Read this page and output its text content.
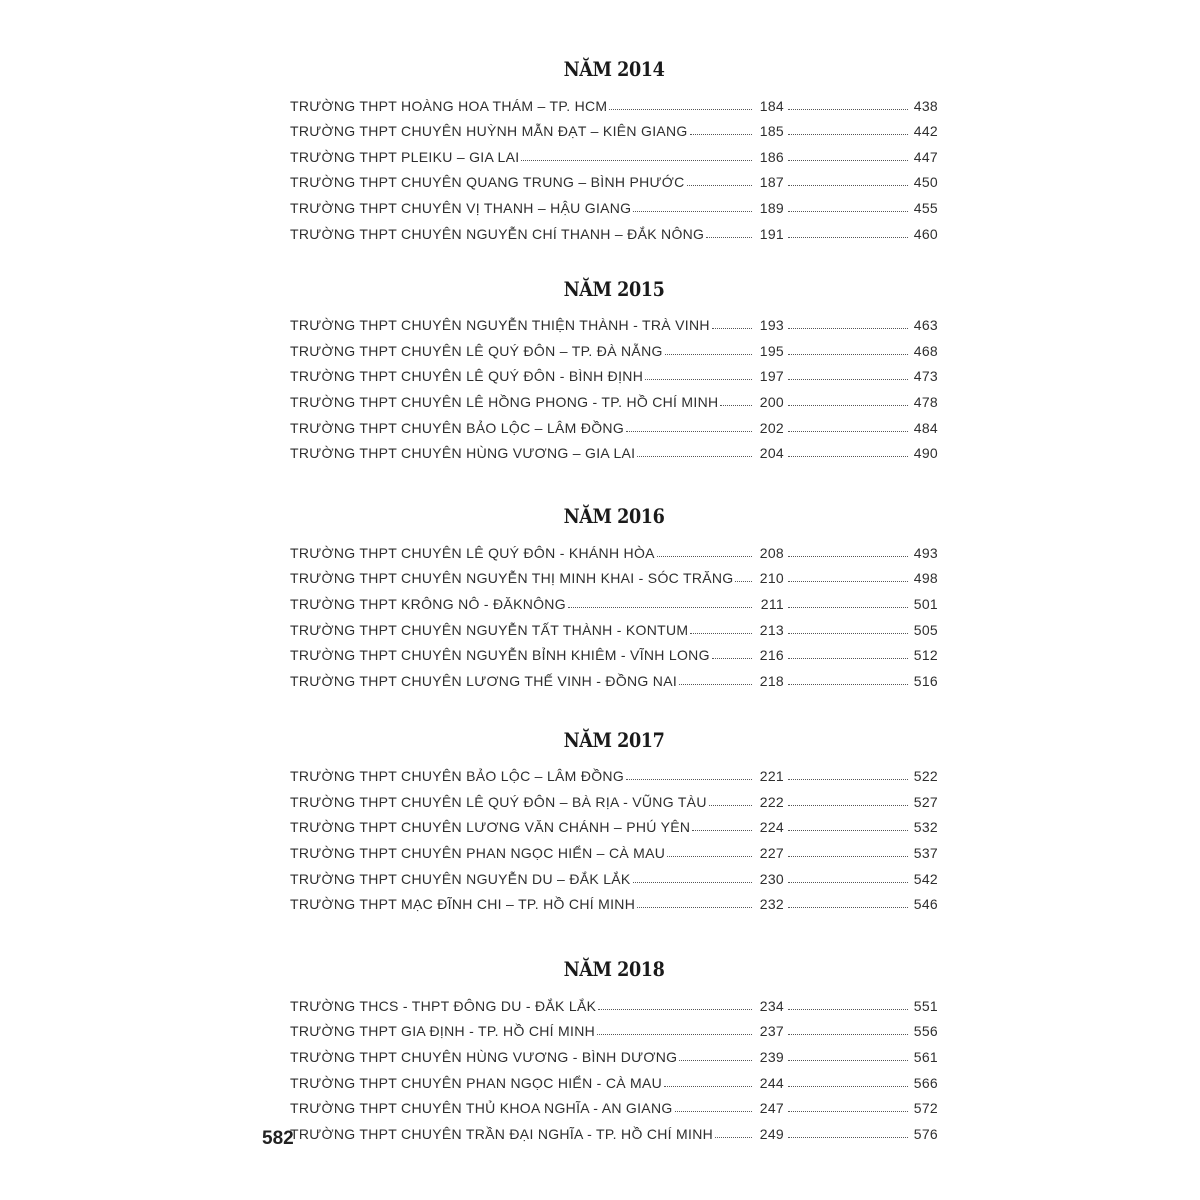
NĂM 2014
TRƯỜNG THPT HOÀNG HOA THÁM – TP. HCM	184	438
TRƯỜNG THPT CHUYÊN HUỲNH MẪN ĐẠT – KIÊN GIANG	185	442
TRƯỜNG THPT PLEIKU – GIA LAI	186	447
TRƯỜNG THPT CHUYÊN QUANG TRUNG – BÌNH PHƯỚC	187	450
TRƯỜNG THPT CHUYÊN VỊ THANH – HẬU GIANG	189	455
TRƯỜNG THPT CHUYÊN NGUYỄN CHÍ THANH – ĐẮK NÔNG	191	460
NĂM 2015
TRƯỜNG THPT CHUYÊN NGUYỄN THIỆN THÀNH - TRÀ VINH	193	463
TRƯỜNG THPT CHUYÊN LÊ QUÝ ĐÔN – TP. ĐÀ NẴNG	195	468
TRƯỜNG THPT CHUYÊN LÊ QUÝ ĐÔN - BÌNH ĐỊNH	197	473
TRƯỜNG THPT CHUYÊN LÊ HỒNG PHONG - TP. HỒ CHÍ MINH	200	478
TRƯỜNG THPT CHUYÊN BẢO LỘC – LÂM ĐỒNG	202	484
TRƯỜNG THPT CHUYÊN HÙNG VƯƠNG – GIA LAI	204	490
NĂM 2016
TRƯỜNG THPT CHUYÊN LÊ QUÝ ĐÔN - KHÁNH HÒA	208	493
TRƯỜNG THPT CHUYÊN NGUYỄN THỊ MINH KHAI - SÓC TRĂNG	210	498
TRƯỜNG THPT KRÔNG NÔ - ĐĂKNÔNG	211	501
TRƯỜNG THPT CHUYÊN NGUYỄN TẤT THÀNH - KONTUM	213	505
TRƯỜNG THPT CHUYÊN NGUYỄN BỈNH KHIÊM - VĨNH LONG	216	512
TRƯỜNG THPT CHUYÊN LƯƠNG THẾ VINH - ĐỒNG NAI	218	516
NĂM 2017
TRƯỜNG THPT CHUYÊN BẢO LỘC – LÂM ĐỒNG	221	522
TRƯỜNG THPT CHUYÊN LÊ QUÝ ĐÔN – BÀ RỊA - VŨNG TÀU	222	527
TRƯỜNG THPT CHUYÊN LƯƠNG VĂN CHÁNH – PHÚ YÊN	224	532
TRƯỜNG THPT CHUYÊN PHAN NGỌC HIỂN – CÀ MAU	227	537
TRƯỜNG THPT CHUYÊN NGUYỄN DU – ĐẮK LẮK	230	542
TRƯỜNG THPT MẠC ĐĨNH CHI – TP. HỒ CHÍ MINH	232	546
NĂM 2018
TRƯỜNG THCS - THPT ĐÔNG DU - ĐẮK LẮK	234	551
TRƯỜNG THPT GIA ĐỊNH - TP. HỒ CHÍ MINH	237	556
TRƯỜNG THPT CHUYÊN HÙNG VƯƠNG - BÌNH DƯƠNG	239	561
TRƯỜNG THPT CHUYÊN PHAN NGỌC HIỂN - CÀ MAU	244	566
TRƯỜNG THPT CHUYÊN THỦ KHOA NGHĨA - AN GIANG	247	572
TRƯỜNG THPT CHUYÊN TRẦN ĐẠI NGHĨA - TP. HỒ CHÍ MINH	249	576
582
